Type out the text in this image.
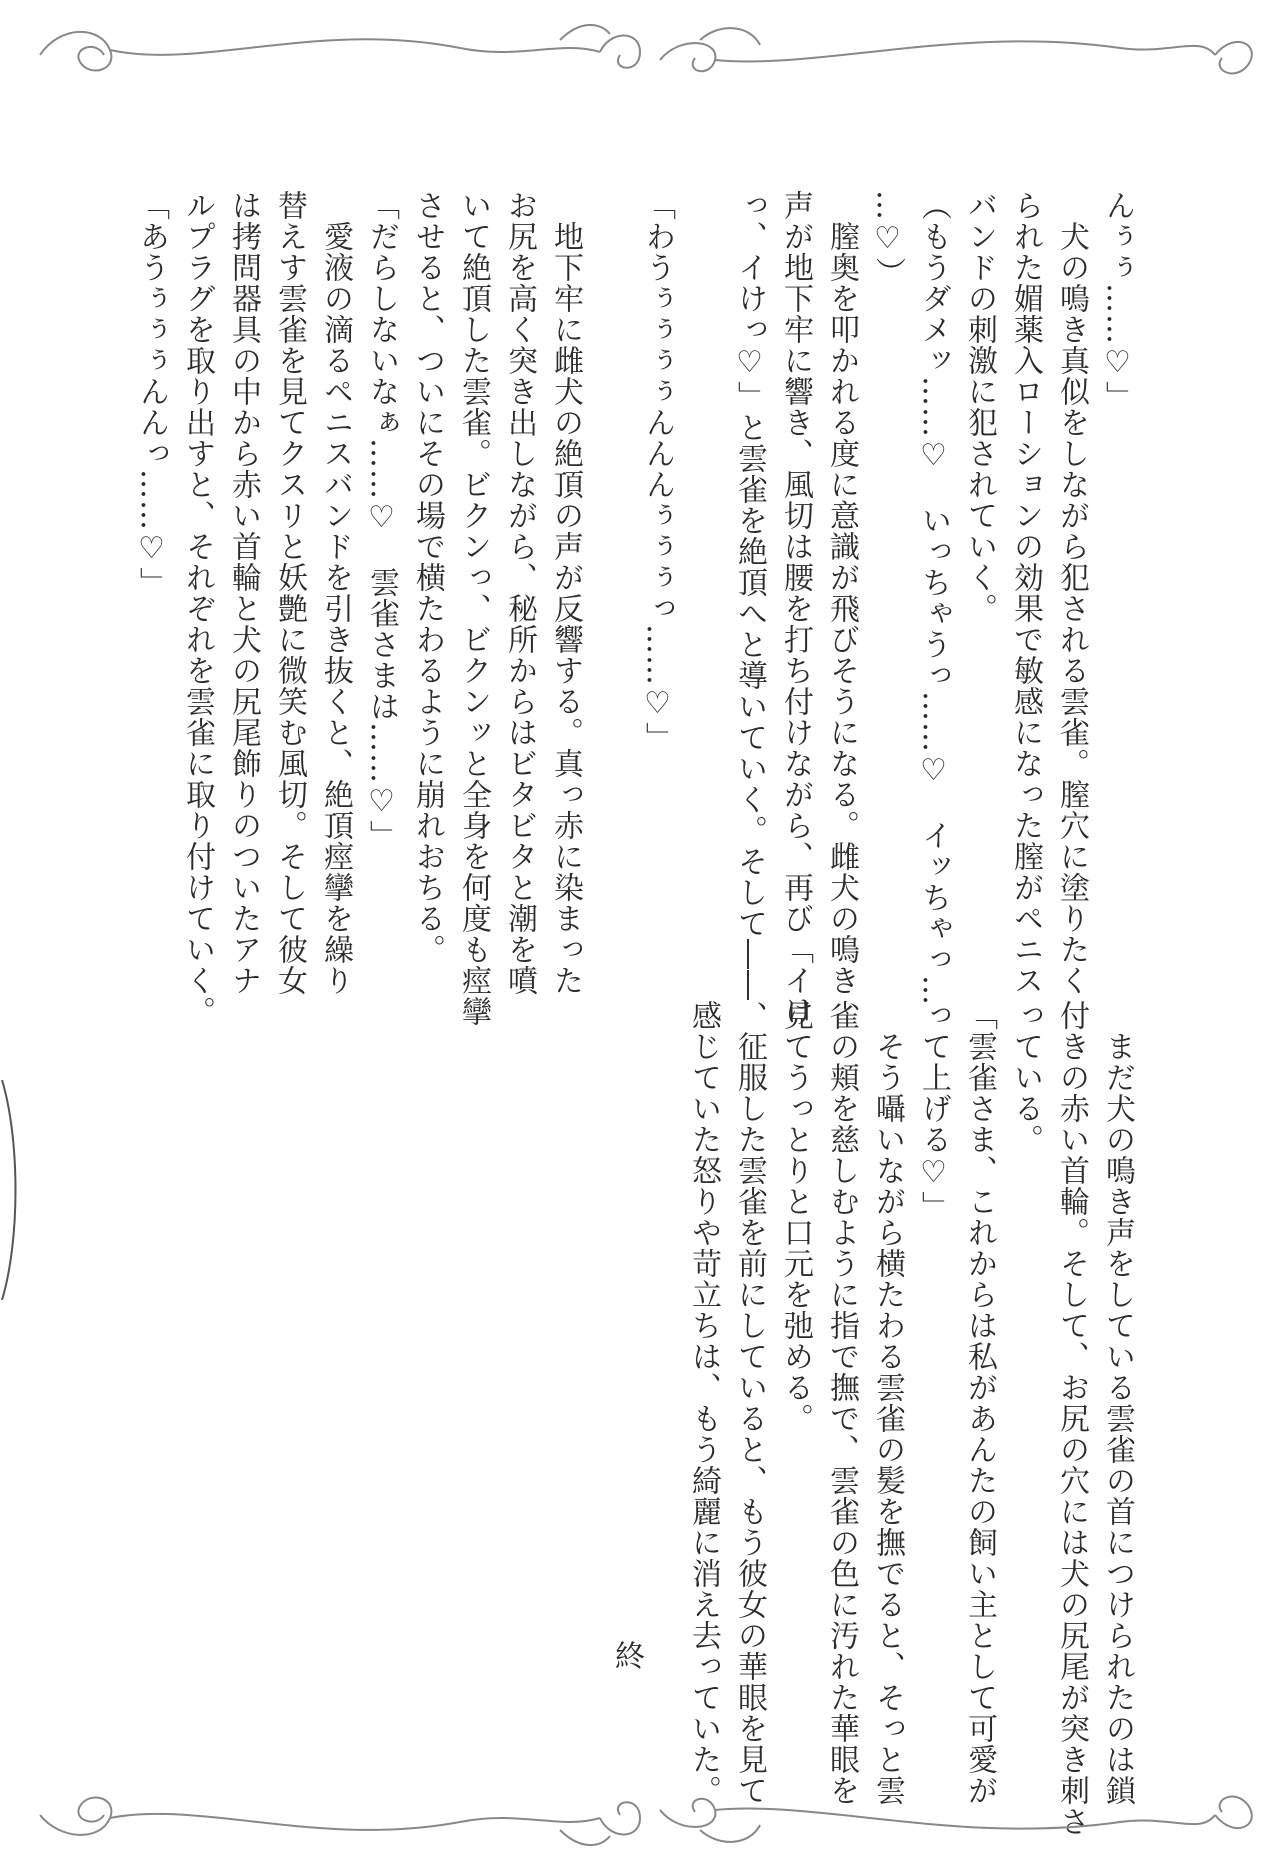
んぅぅ……♡」
　犬の鳴き真似をしながら犯される雲雀。膣穴に塗りたく
られた媚薬入ローションの効果で敏感になった膣がペニス
バンドの刺激に犯されていく。
（もうダメッ……♡　いっちゃうっ……♡　イッちゃっ…
…♡）
　膣奥を叩かれる度に意識が飛びそうになる。雌犬の鳴き
声が地下牢に響き、風切は腰を打ち付けながら、再び「イけ
っ、イけっ♡」と雲雀を絶頂へと導いていく。そして――、

「わうぅぅぅぅんんんぅぅぅっ……♡」

　地下牢に雌犬の絶頂の声が反響する。真っ赤に染まった
お尻を高く突き出しながら、秘所からはビタビタと潮を噴
いて絶頂した雲雀。ビクンっ、ビクンッと全身を何度も痙攣
させると、ついにその場で横たわるように崩れおちる。
「だらしないなぁ……♡　雲雀さまは……♡」
　愛液の滴るペニスバンドを引き抜くと、絶頂痙攣を繰り
替えす雲雀を見てクスリと妖艶に微笑む風切。そして彼女
は拷問器具の中から赤い首輪と犬の尻尾飾りのついたアナ
ルプラグを取り出すと、それぞれを雲雀に取り付けていく。
「あうぅぅぅんんっ……♡」
　まだ犬の鳴き声をしている雲雀の首につけられたのは鎖
付きの赤い首輪。そして、お尻の穴には犬の尻尾が突き刺さ
っている。
「雲雀さま、これからは私があんたの飼い主として可愛が
って上げる♡」
　そう囁いながら横たわる雲雀の髪を撫でると、そっと雲
雀の頬を慈しむように指で撫で、雲雀の色に汚れた華眼を
見てうっとりと口元を弛める。
　征服した雲雀を前にしていると、もう彼女の華眼を見て
感じていた怒りや苛立ちは、もう綺麗に消え去っていた。
終
